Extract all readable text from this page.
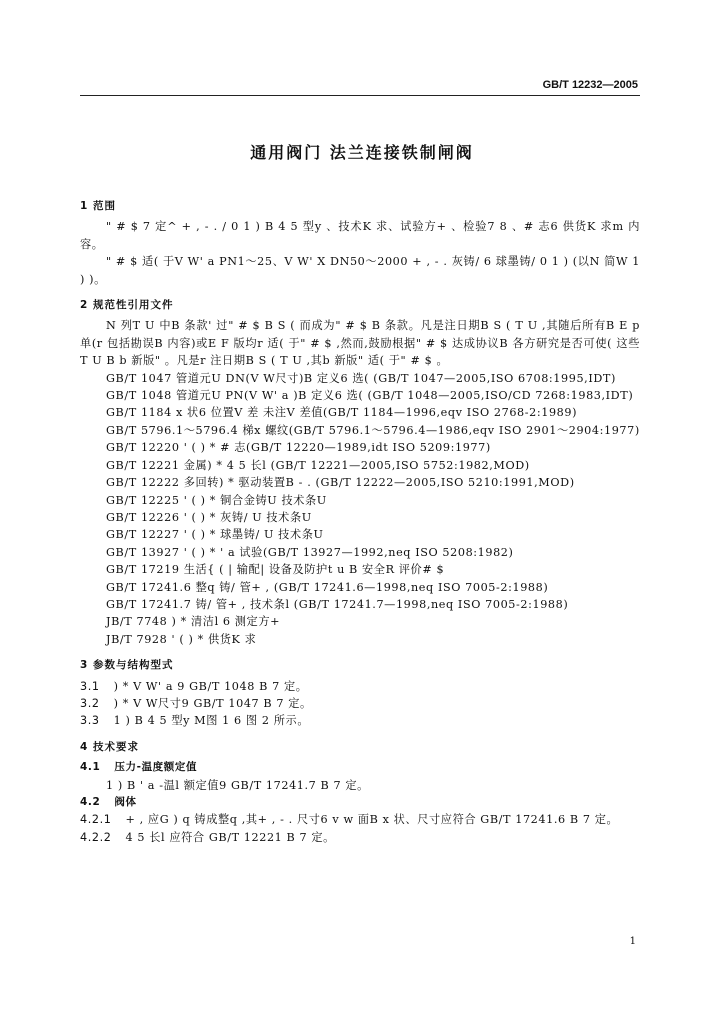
GB/T 12232—2005
通用阀门 法兰连接铁制闸阀
1 范围
" # $ 7 定^ + , - . / 0 1 ) B 4 5 型y 、技术K 求、试验方+ 、检验7 8 、# 志6 供货K 求m 内容。
" # $ 适( 于V W' a PN1～25、V W' X DN50～2000 + , - . 灰铸/ 6 球墨铸/ 0 1 ) (以N 简W 1 ) )。
2 规范性引用文件
N 列T U 中B 条款' 过" # $ B S ( 而成为" # $ B 条款。凡是注日期B S ( T U ,其随后所有B E p 单(r 包括勘误B 内容)或E F 版均r 适( 于" # $ ,然而,鼓励根据" # $ 达成协议B 各方研究是否可使( 这些T U B b 新版" 。凡是r 注日期B S ( T U ,其b 新版" 适( 于" # $ 。
GB/T 1047 管道元U DN(V W尺寸)B 定义6 选( (GB/T 1047—2005,ISO 6708:1995,IDT)
GB/T 1048 管道元U PN(V W' a )B 定义6 选( (GB/T 1048—2005,ISO/CD 7268:1983,IDT)
GB/T 1184 x 状6 位置V 差 未注V 差值(GB/T 1184—1996,eqv ISO 2768-2:1989)
GB/T 5796.1～5796.4 梯x 螺纹(GB/T 5796.1～5796.4—1986,eqv ISO 2901～2904:1977)
GB/T 12220 ' ( ) * # 志(GB/T 12220—1989,idt ISO 5209:1977)
GB/T 12221 金属) * 4 5 长l (GB/T 12221—2005,ISO 5752:1982,MOD)
GB/T 12222 多回转) * 驱动装置B - . (GB/T 12222—2005,ISO 5210:1991,MOD)
GB/T 12225 ' ( ) * 铜合金铸U 技术条U
GB/T 12226 ' ( ) * 灰铸/ U 技术条U
GB/T 12227 ' ( ) * 球墨铸/ U 技术条U
GB/T 13927 ' ( ) * ' a 试验(GB/T 13927—1992,neq ISO 5208:1982)
GB/T 17219 生活{ ( | 输配| 设备及防护t u B 安全R 评价# $
GB/T 17241.6 整q 铸/ 管+ , (GB/T 17241.6—1998,neq ISO 7005-2:1988)
GB/T 17241.7 铸/ 管+ , 技术条l (GB/T 17241.7—1998,neq ISO 7005-2:1988)
JB/T 7748 ) * 清洁l 6 测定方+
JB/T 7928 ' ( ) * 供货K 求
3 参数与结构型式
3.1 ) * V W' a 9 GB/T 1048 B 7 定。
3.2 ) * V W尺寸9 GB/T 1047 B 7 定。
3.3 1 ) B 4 5 型y M图 1 6 图 2 所示。
4 技术要求
4.1 压力-温度额定值
1 ) B ' a -温l 额定值9 GB/T 17241.7 B 7 定。
4.2 阀体
4.2.1 + , 应G ) q 铸成整q ,其+ , - . 尺寸6 v w 面B x 状、尺寸应符合 GB/T 17241.6 B 7 定。
4.2.2 4 5 长l 应符合 GB/T 12221 B 7 定。
1
